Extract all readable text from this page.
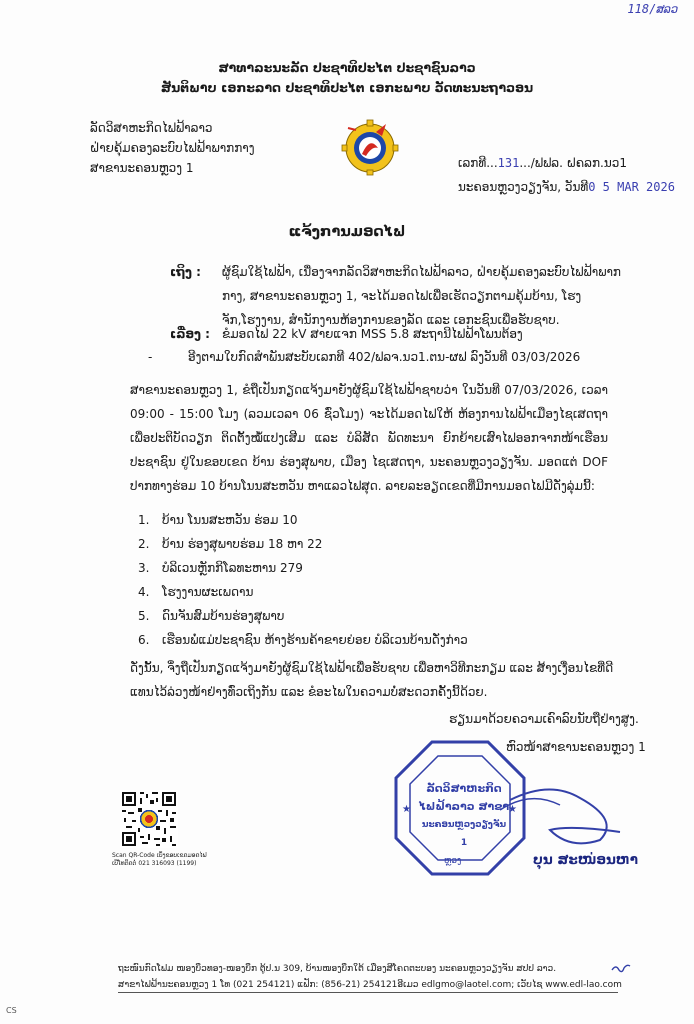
118/ສລວ
ສາທາລະນະລັດ ປະຊາທິປະໄຕ ປະຊາຊົນລາວ
ສັນຕິພາບ ເອກະລາດ ປະຊາທິປະໄຕ ເອກະພາບ ວັດທະນະຖາວອນ
ລັດວິສາຫະກິດໄຟຟ້າລາວ
ຝ່າຍຄຸ້ມຄອງລະບົບໄຟຟ້າພາກກາງ
ສາຂານະຄອນຫຼວງ 1	ເລກທີ...131.../ຟຟລ. ຝຄລກ.ນວ1
ນະຄອນຫຼວງວຽງຈັນ, ວັນທີ0 5 MAR 2026
ແຈ້ງການມອດໄຟ
ເຖິງ :	ຜູ້ຊົມໃຊ້ໄຟຟ້າ, ເນື່ອງຈາກລັດວິສາຫະກິດໄຟຟ້າລາວ, ຝ່າຍຄຸ້ມຄອງລະບົບໄຟຟ້າພາກກາງ, ສາຂານະຄອນຫຼວງ 1, ຈະໄດ້ມອດໄຟເພື່ອເຮັດວຽກຕາມຄຸ້ມບ້ານ, ໂຮງຈັກ,ໂຮງງານ, ສຳນັກງານຫ້ອງການຂອງລັດ ແລະ ເອກະຊົນເພື່ອຮັບຊາບ.
ເລື່ອງ :	ຂໍມອດໄຟ 22 kV ສາຍແຈກ MSS 5.8 ສະຖານີໄຟຟ້າໂພນຕ້ອງ
-	ອີງຕາມໃບກົດສຳພັນສະບັບເລກທີ 402/ຟລຈ.ນວ1.ຕນ-ຜຟ ລົງວັນທີ 03/03/2026
ສາຂານະຄອນຫຼວງ 1, ຂໍຖືເປັນກຽດແຈ້ງມາຍັງຜູ້ຊົມໃຊ້ໄຟຟ້າຊາບວ່າ ໃນວັນທີ 07/03/2026, ເວລາ 09:00 - 15:00 ໂມງ (ລວມເວລາ 06 ຊົ່ວໂມງ) ຈະໄດ້ມອດໄຟໃຫ້ ຫ້ອງການໄຟຟ້າເມືອງໄຊເສດຖາ ເພື່ອປະຕິບັດວຽກ ຕິດຕັ້ງໝໍ້ແປງເສີມ ແລະ ບໍລິສັດ ພັດທະນາ ຍົກຍ້າຍເສົາໄຟອອກຈາກໜ້າເຮືອນປະຊາຊົນ ຢູ່ໃນຂອບເຂດ ບ້ານ ຮ່ອງສຸພາບ, ເມືອງ ໄຊເສດຖາ, ນະຄອນຫຼວງວຽງຈັນ. ມອດແຕ່ DOF ປາກທາງຮ່ອມ 10 ບ້ານໂນນສະຫວັນ ຫາແລວໄຟສຸດ. ລາຍລະອຽດເຂດທີ່ມີການມອດໄຟມີດັ່ງລຸ່ມນີ້:
1. ບ້ານ ໂນນສະຫວັນ ຮ່ອມ 10
2. ບ້ານ ຮ່ອງສຸພາບຮ່ອມ 18 ຫາ 22
3. ບໍລິເວນຫຼັກກິໂລທະຫານ 279
4. ໂຮງງານຜະເພດານ
5. ດົນຈັນສົມບ້ານຮ່ອງສຸພາບ
6. ເຮືອນພໍ່ແມ່ປະຊາຊົນ ຫ້າງຮ້ານຄ້າຂາຍຍ່ອຍ ບໍລິເວນບ້ານດັ່ງກ່າວ
ດັ່ງນັ້ນ, ຈຶ່ງຖືເປັນກຽດແຈ້ງມາຍັງຜູ້ຊົມໃຊ້ໄຟຟ້າເພື່ອຮັບຊາບ ເພື່ອຫາວິທີກະກຽມ ແລະ ສ້າງເງື່ອນໄຂທີ່ດີແທນໄວ້ລ່ວງໜ້າຢ່າງທົ່ວເຖິງກັນ ແລະ ຂໍອະໄພໃນຄວາມບໍ່ສະດວກຄັ້ງນີ້ດ້ວຍ.
ຮຽນມາດ້ວຍຄວາມເຄົາລົບນັບຖືຢ່າງສູງ.
ຫົວໜ້າສາຂານະຄອນຫຼວງ 1
★	★
ລັດວິສາຫະກິດ
ໄຟຟ້າລາວ ສາຂາ
ນະຄອນຫຼວງວຽງຈັນ 1
ຫຼວງ	ບຸນ ສະໜ່ອນຫາ
Scan QR-Code ເບິ່ງຂອບເຂດມອດໄຟ
ເບີໂທຕິດຕໍ່ 021 316093 (1199)
ຖະໜົນກົດໂຟມ ໜອງບຶວທອງ-ໜອງບຶກ ຕູ້ປ.ນ 309, ບ້ານໜອງບຶກໃຕ້ ເມືອງສີໂຄດຕະບອງ ນະຄອນຫຼວງວຽງຈັນ ສປປ ລາວ.
ສາຂາໄຟຟ້ານະຄອນຫຼວງ 1 ໂທ (021 254121) ແຟັກ: (856-21) 254121ອີເມວ edlgmo@laotel.com; ເວັບໄຊ www.edl-lao.com
CS
